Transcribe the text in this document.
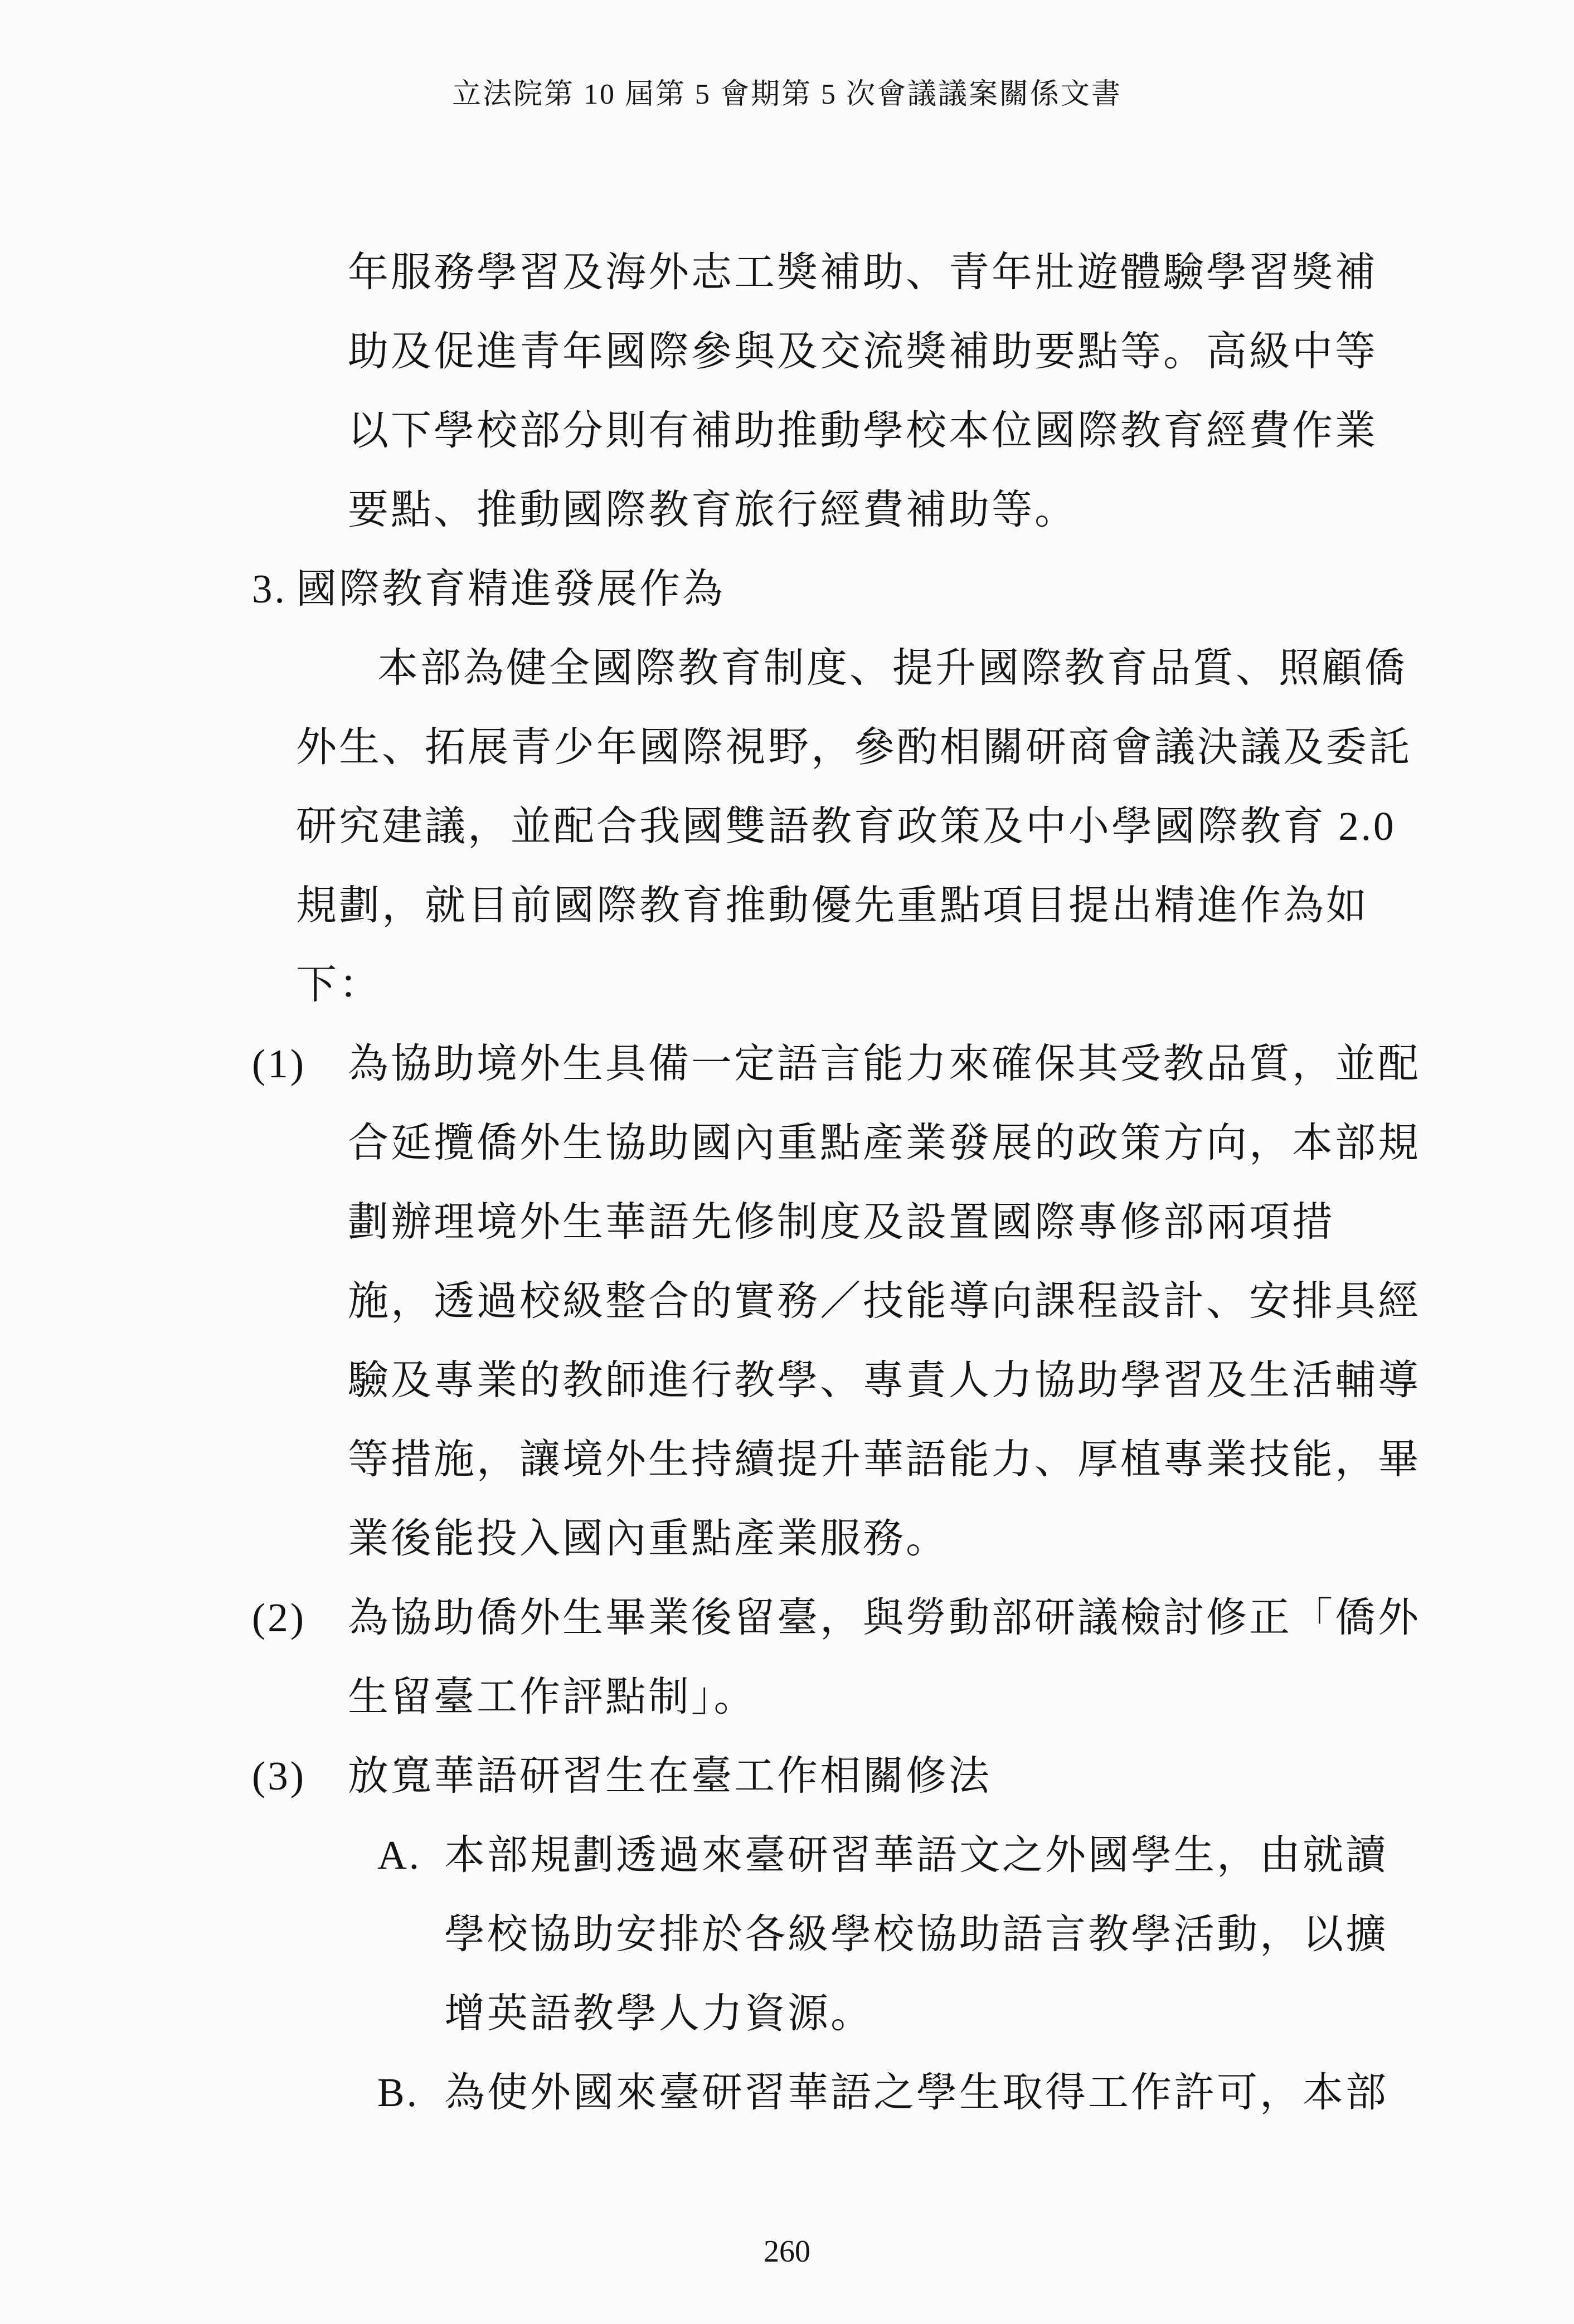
立法院第 10 屆第 5 會期第 5 次會議議案關係文書
年服務學習及海外志工獎補助、青年壯遊體驗學習獎補
助及促進青年國際參與及交流獎補助要點等。高級中等
以下學校部分則有補助推動學校本位國際教育經費作業
要點、推動國際教育旅行經費補助等。
3. 國際教育精進發展作為
本部為健全國際教育制度、提升國際教育品質、照顧僑
外生、拓展青少年國際視野，參酌相關研商會議決議及委託
研究建議，並配合我國雙語教育政策及中小學國際教育 2.0
規劃，就目前國際教育推動優先重點項目提出精進作為如
下：
(1) 為協助境外生具備一定語言能力來確保其受教品質，並配
合延攬僑外生協助國內重點產業發展的政策方向，本部規
劃辦理境外生華語先修制度及設置國際專修部兩項措
施，透過校級整合的實務／技能導向課程設計、安排具經
驗及專業的教師進行教學、專責人力協助學習及生活輔導
等措施，讓境外生持續提升華語能力、厚植專業技能，畢
業後能投入國內重點產業服務。
(2) 為協助僑外生畢業後留臺，與勞動部研議檢討修正「僑外
生留臺工作評點制」。
(3) 放寬華語研習生在臺工作相關修法
A. 本部規劃透過來臺研習華語文之外國學生，由就讀
學校協助安排於各級學校協助語言教學活動，以擴
增英語教學人力資源。
B. 為使外國來臺研習華語之學生取得工作許可，本部
260
